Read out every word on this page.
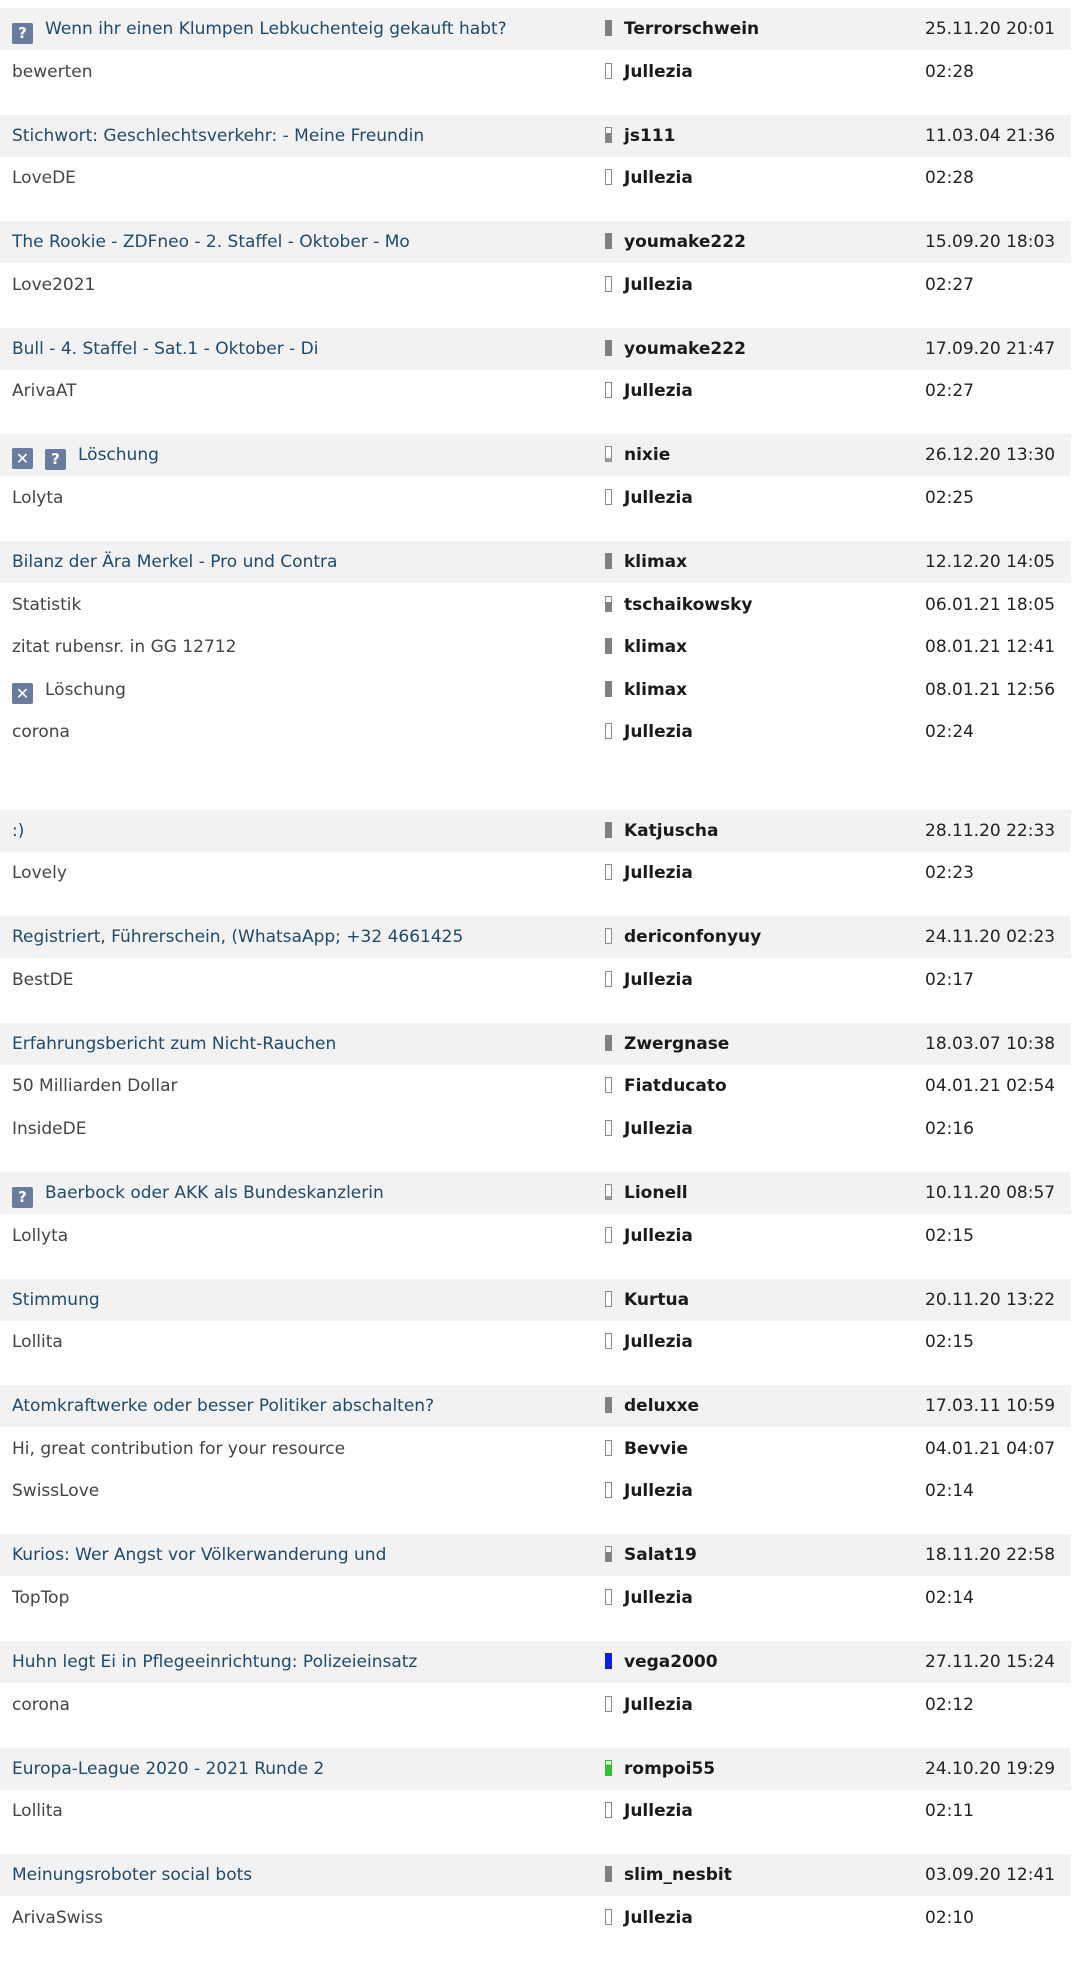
? Wenn ihr einen Klumpen Lebkuchenteig gekauft habt?	Terrorschwein	25.11.20 20:01
bewerten	Jullezia	02:28
Stichwort: Geschlechtsverkehr: - Meine Freundin	js111	11.03.04 21:36
LoveDE	Jullezia	02:28
The Rookie - ZDFneo - 2. Staffel - Oktober - Mo	youmake222	15.09.20 18:03
Love2021	Jullezia	02:27
Bull - 4. Staffel - Sat.1 - Oktober - Di	youmake222	17.09.20 21:47
ArivaAT	Jullezia	02:27
✕ ? Löschung	nixie	26.12.20 13:30
Lolyta	Jullezia	02:25
Bilanz der Ära Merkel - Pro und Contra	klimax	12.12.20 14:05
Statistik	tschaikowsky	06.01.21 18:05
zitat rubensr. in GG 12712	klimax	08.01.21 12:41
✕ Löschung	klimax	08.01.21 12:56
corona	Jullezia	02:24
:)	Katjuscha	28.11.20 22:33
Lovely	Jullezia	02:23
Registriert, Führerschein, (WhatsaApp; +32 4661425	dericonfonyuy	24.11.20 02:23
BestDE	Jullezia	02:17
Erfahrungsbericht zum Nicht-Rauchen	Zwergnase	18.03.07 10:38
50 Milliarden Dollar	Fiatducato	04.01.21 02:54
InsideDE	Jullezia	02:16
? Baerbock oder AKK als Bundeskanzlerin	Lionell	10.11.20 08:57
Lollyta	Jullezia	02:15
Stimmung	Kurtua	20.11.20 13:22
Lollita	Jullezia	02:15
Atomkraftwerke oder besser Politiker abschalten?	deluxxe	17.03.11 10:59
Hi, great contribution for your resource	Bevvie	04.01.21 04:07
SwissLove	Jullezia	02:14
Kurios: Wer Angst vor Völkerwanderung und	Salat19	18.11.20 22:58
TopTop	Jullezia	02:14
Huhn legt Ei in Pflegeeinrichtung: Polizeieinsatz	vega2000	27.11.20 15:24
corona	Jullezia	02:12
Europa-League 2020 - 2021 Runde 2	rompoi55	24.10.20 19:29
Lollita	Jullezia	02:11
Meinungsroboter social bots	slim_nesbit	03.09.20 12:41
ArivaSwiss	Jullezia	02:10
